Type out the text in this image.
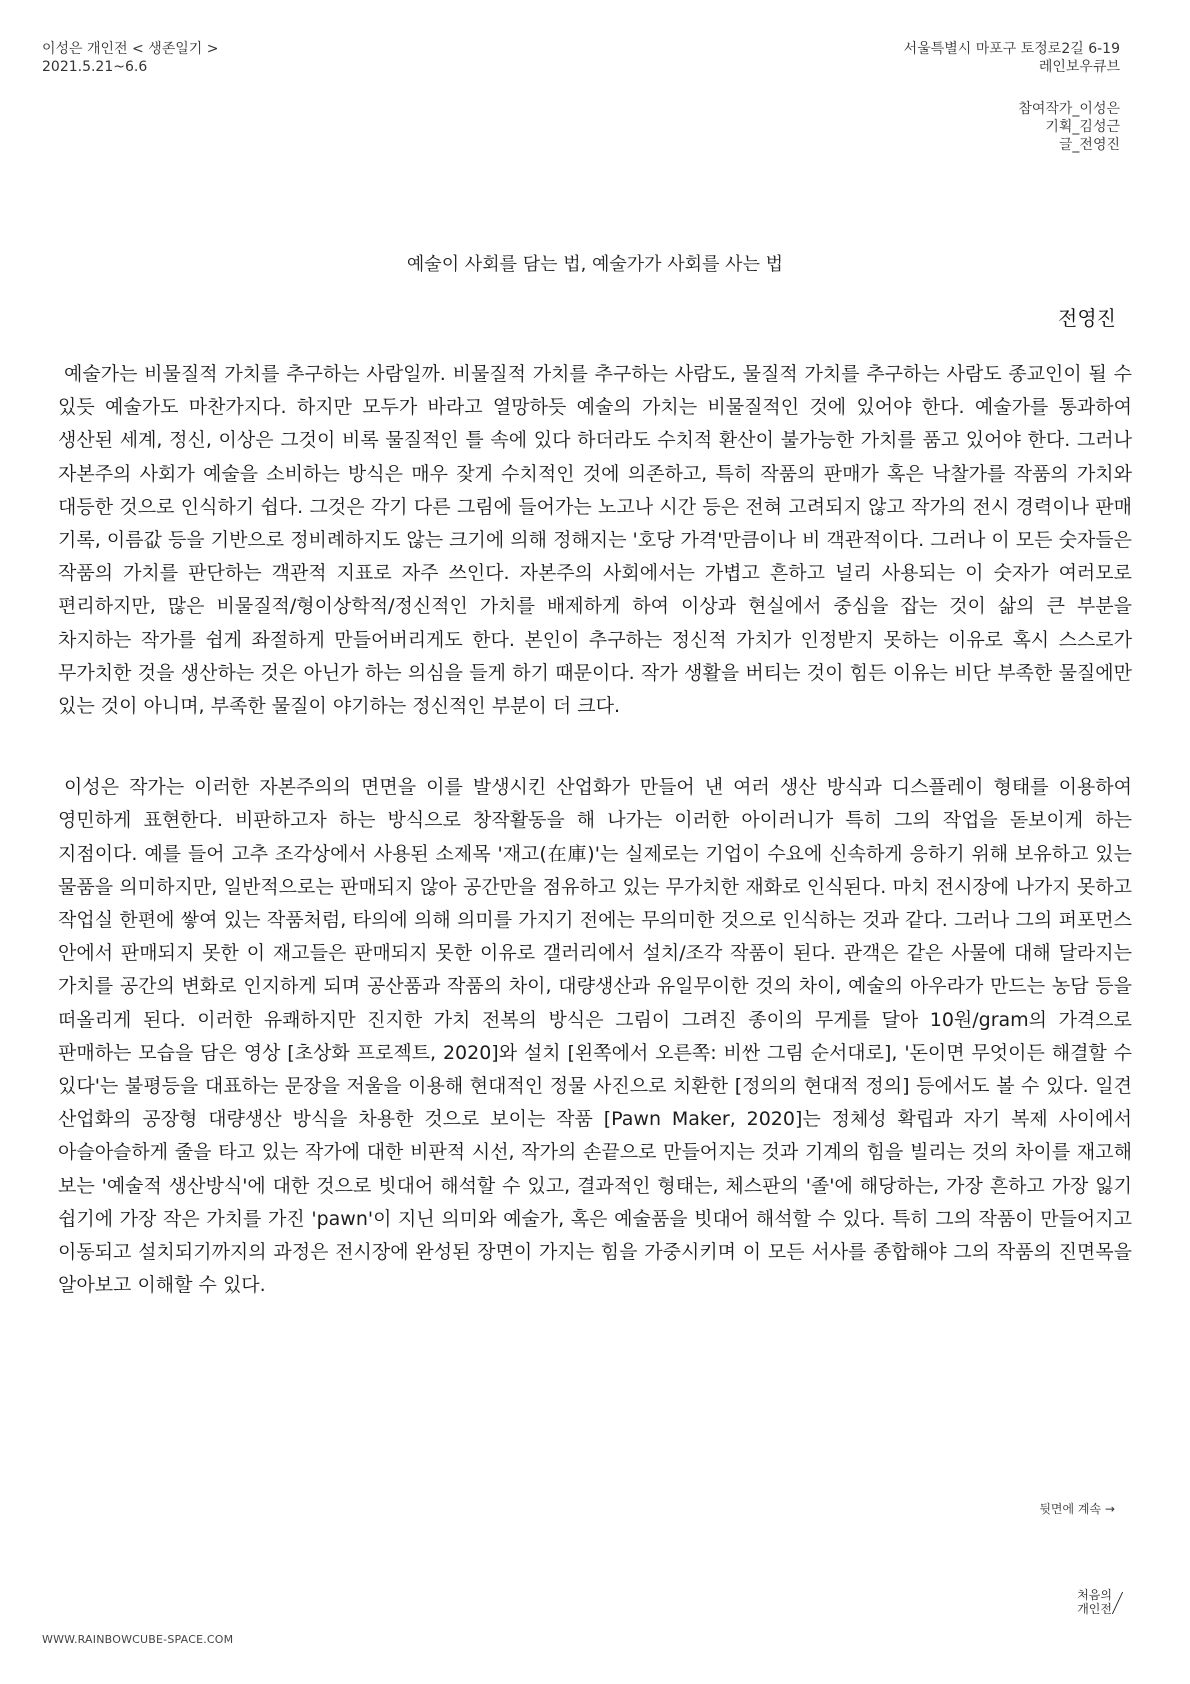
이성은 개인전 < 생존일기 >
2021.5.21~6.6
서울특별시 마포구 토정로2길 6-19
레인보우큐브
참여작가_이성은
기획_김성근
글_전영진
예술이 사회를 담는 법, 예술가가 사회를 사는 법
전영진

예술가는 비물질적 가치를 추구하는 사람일까. 비물질적 가치를 추구하는 사람도, 물질적 가치를 추구하는 사람도 종교인이 될 수 있듯 예술가도 마찬가지다. 하지만 모두가 바라고 열망하듯 예술의 가치는 비물질적인 것에 있어야 한다. 예술가를 통과하여 생산된 세계, 정신, 이상은 그것이 비록 물질적인 틀 속에 있다 하더라도 수치적 환산이 불가능한 가치를 품고 있어야 한다. 그러나 자본주의 사회가 예술을 소비하는 방식은 매우 잦게 수치적인 것에 의존하고, 특히 작품의 판매가 혹은 낙찰가를 작품의 가치와 대등한 것으로 인식하기 쉽다. 그것은 각기 다른 그림에 들어가는 노고나 시간 등은 전혀 고려되지 않고 작가의 전시 경력이나 판매 기록, 이름값 등을 기반으로 정비례하지도 않는 크기에 의해 정해지는 '호당 가격'만큼이나 비 객관적이다. 그러나 이 모든 숫자들은 작품의 가치를 판단하는 객관적 지표로 자주 쓰인다. 자본주의 사회에서는 가볍고 흔하고 널리 사용되는 이 숫자가 여러모로 편리하지만, 많은 비물질적/형이상학적/정신적인 가치를 배제하게 하여 이상과 현실에서 중심을 잡는 것이 삶의 큰 부분을 차지하는 작가를 쉽게 좌절하게 만들어버리게도 한다. 본인이 추구하는 정신적 가치가 인정받지 못하는 이유로 혹시 스스로가 무가치한 것을 생산하는 것은 아닌가 하는 의심을 들게 하기 때문이다. 작가 생활을 버티는 것이 힘든 이유는 비단 부족한 물질에만 있는 것이 아니며, 부족한 물질이 야기하는 정신적인 부분이 더 크다.

이성은 작가는 이러한 자본주의의 면면을 이를 발생시킨 산업화가 만들어 낸 여러 생산 방식과 디스플레이 형태를 이용하여 영민하게 표현한다. 비판하고자 하는 방식으로 창작활동을 해 나가는 이러한 아이러니가 특히 그의 작업을 돋보이게 하는 지점이다. 예를 들어 고추 조각상에서 사용된 소제목 '재고(在庫)'는 실제로는 기업이 수요에 신속하게 응하기 위해 보유하고 있는 물품을 의미하지만, 일반적으로는 판매되지 않아 공간만을 점유하고 있는 무가치한 재화로 인식된다. 마치 전시장에 나가지 못하고 작업실 한편에 쌓여 있는 작품처럼, 타의에 의해 의미를 가지기 전에는 무의미한 것으로 인식하는 것과 같다. 그러나 그의 퍼포먼스 안에서 판매되지 못한 이 재고들은 판매되지 못한 이유로 갤러리에서 설치/조각 작품이 된다. 관객은 같은 사물에 대해 달라지는 가치를 공간의 변화로 인지하게 되며 공산품과 작품의 차이, 대량생산과 유일무이한 것의 차이, 예술의 아우라가 만드는 농담 등을 떠올리게 된다. 이러한 유쾌하지만 진지한 가치 전복의 방식은 그림이 그려진 종이의 무게를 달아 10원/gram의 가격으로 판매하는 모습을 담은 영상 [초상화 프로젝트, 2020]와 설치 [왼쪽에서 오른쪽: 비싼 그림 순서대로], '돈이면 무엇이든 해결할 수 있다'는 불평등을 대표하는 문장을 저울을 이용해 현대적인 정물 사진으로 치환한 [정의의 현대적 정의] 등에서도 볼 수 있다. 일견 산업화의 공장형 대량생산 방식을 차용한 것으로 보이는 작품 [Pawn Maker, 2020]는 정체성 확립과 자기 복제 사이에서 아슬아슬하게 줄을 타고 있는 작가에 대한 비판적 시선, 작가의 손끝으로 만들어지는 것과 기계의 힘을 빌리는 것의 차이를 재고해 보는 '예술적 생산방식'에 대한 것으로 빗대어 해석할 수 있고, 결과적인 형태는, 체스판의 '졸'에 해당하는, 가장 흔하고 가장 잃기 쉽기에 가장 작은 가치를 가진 'pawn'이 지닌 의미와 예술가, 혹은 예술품을 빗대어 해석할 수 있다. 특히 그의 작품이 만들어지고 이동되고 설치되기까지의 과정은 전시장에 완성된 장면이 가지는 힘을 가중시키며 이 모든 서사를 종합해야 그의 작품의 진면목을 알아보고 이해할 수 있다.

뒷면에 계속 →
WWW.RAINBOWCUBE-SPACE.COM
처음의
개인전
